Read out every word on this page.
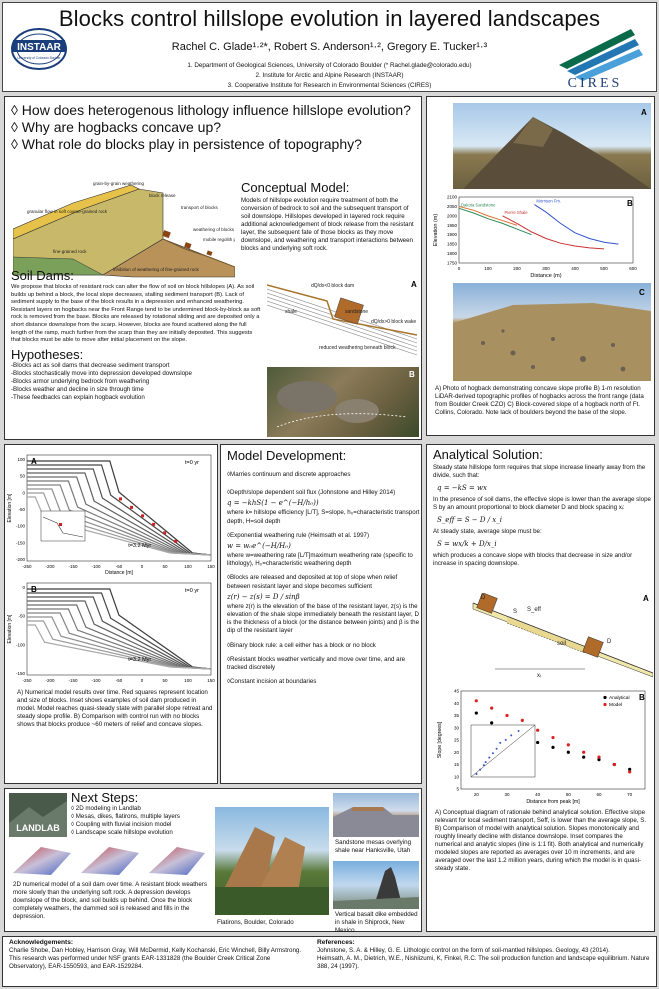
Blocks control hillslope evolution in layered landscapes
Rachel C. Glade¹·²*, Robert S. Anderson¹·², Gregory E. Tucker¹·³
1. Department of Geological Sciences, University of Colorado Boulder (* Rachel.glade@colorado.edu)
2. Institute for Arctic and Alpine Research (INSTAAR)
3. Cooperative Institute for Research in Environmental Sciences (CIRES)
INSTAAR
University of Colorado Boulder
CIRES
◊ How does heterogenous lithology influence hillslope evolution?
◊ Why are hogbacks concave up?
◊ What role do blocks play in persistence of topography?
grain-by-grain weathering block release granular flow in soft coarse-grained rock transport of blocks weathering of blocks mobile regolith fine-grained rock inhibition of weathering of fine-grained rock
Conceptual Model:
Models of hillslope evolution require treatment of both the conversion of bedrock to soil and the subsequent transport of soil downslope. Hillslopes developed in layered rock require additional acknowledgement of block release from the resistant layer, the subsequent fate of those blocks as they move downslope, and weathering and transport interactions between blocks and underlying soft rock.
Soil Dams:
We propose that blocks of resistant rock can alter the flow of soil on block hillslopes (A). As soil builds up behind a block, the local slope decreases, stalling sediment transport (B). Lack of sediment supply to the base of the block results in a depression and enhanced weathering. Resistant layers on hogbacks near the Front Range tend to be undermined block-by-block as soft rock is removed from the base. Blocks are released by rotational sliding and are deposited only a short distance downslope from the scarp. However, blocks are found scattered along the full length of the ramp, much further from the scarp than they are initially deposited. This suggests that blocks must be able to move after initial placement on the slope.
Hypotheses:
-Blocks act as soil dams that decrease sediment transport
-Blocks stochastically move into depression developed downslope
-Blocks armor underlying bedrock from weathering
-Blocks weather and decline in size through time
-These feedbacks can explain hogback evolution
sandstone shale dQ/dx<0 block dam dQ/dx>0 block wake reduced weathering beneath block
A
B
A
0	100	200	300	400	500	600
1750
1800
1850
1900
1950
2000
2050
2100
Distance (m)
Elevation (m)
Dakota Sandstone
Morrison Fm.
Pierre Shale
B
C
A) Photo of hogback demonstrating concave slope profile B) 1-m resolution LiDAR-derived topographic profiles of hogbacks across the front range (data from Boulder Creek CZO) C) Block-covered slope of a hogback north of Ft. Collins, Colorado. Note lack of boulders beyond the base of the slope.
100
50
0
-50
-100
-150
-200
Elevation [m]
A	t=0 yr
t=3.2 Myr
-250	-200	-150	-100	-50	0	50	100	150
Distance [m]
0
-50
-100
-150
Elevation [m]
B	t=0 yr
t=3.2 Myr
-250	-200	-150	-100	-50	0	50	100	150
A) Numerical model results over time. Red squares represent location and size of blocks. Inset shows examples of soil dam produced in model. Model reaches quasi-steady state with parallel slope retreat and steady slope profile. B) Comparison with control run with no blocks shows that blocks produce ~60 meters of relief and concave slopes.
Model Development:
◊Marries continuum and discrete approaches
◊Depth/slope dependent soil flux (Johnstone and Hilley 2014)
q = −khS(1 − e^(−H/h₀))
where k= hillslope efficiency [L/T], S=slope, h₀=characteristic transport depth, H=soil depth
◊Exponential weathering rule (Heimsath et al. 1997)
w = w₀e^(−H/H₀)
where w=weathering rate [L/T]maximum weathering rate (specific to lithology), H₀=characteristic weathering depth
◊Blocks are released and deposited at top of slope when relief between resistant layer and slope becomes sufficient
z(r) − z(s) = D / sinβ
where z(r) is the elevation of the base of the resistant layer, z(s) is the elevation of the shale slope immediately beneath the resistant layer, D is the thickness of a block (or the distance between joints) and β is the dip of the resistant layer
◊Binary block rule: a cell either has a block or no block
◊Resistant blocks weather vertically and move over time, and are tracked discretely
◊Constant incision at boundaries
Analytical Solution:
Steady state hillslope form requires that slope increase linearly away from the divide, such that:
q = −kS = wx
In the presence of soil dams, the effective slope is lower than the average slope S by an amount proportional to block diameter D and block spacing xᵢ:
S_eff = S − D / x_i
At steady state, average slope must be:
S = wx/k + D/x_i
which produces a concave slope with blocks that decrease in size and/or increase in spacing downslope.
D D S S_eff soil xᵢ
A
20	30	40	50	60	70
5
10
15
20
25
30
35
40
45
Distance from peak [m]
Slope [degrees]
Analytical
Model
B
A) Conceptual diagram of rationale behind analytical solution. Effective slope relevant for local sediment transport, Seff, is lower than the average slope, S. B) Comparison of model with analytical solution. Slopes monotonically and roughly linearly decline with distance downslope. Inset compares the numerical and analytic slopes (line is 1:1 fit). Both analytical and numerically modeled slopes are reported as averages over 10 m increments, and are averaged over the last 1.2 million years, during which the model is in quasi-steady state.
LANDLAB
Next Steps:
◊ 2D modeling in Landlab
◊ Mesas, dikes, flatirons, multiple layers
◊ Coupling with fluvial incision model
◊ Landscape scale hillslope evolution
2D numerical model of a soil dam over time. A resistant block weathers more slowly than the underlying soft rock. A depression develops downslope of the block, and soil builds up behind. Once the block completely weathers, the dammed soil is released and fills in the depression.
Flatirons, Boulder, Colorado
Sandstone mesas overlying shale near Hanksville, Utah
Vertical basalt dike embedded in shale in Shiprock, New Mexico
Acknowledgements:
Charlie Shobe, Dan Hobley, Harrison Gray, Will McDermid, Kelly Kochanski, Eric Winchell, Billy Armstrong. This research was performed under NSF grants EAR-1331828 (the Boulder Creek Critical Zone Observatory), EAR-1550593, and EAR-1529284.
References:
Johnstone, S. A. & Hilley, G. E. Lithologic control on the form of soil-mantled hillslopes. Geology, 43 (2014).
Heimsath, A. M., Dietrich, W.E., Nishiizumi, K, Finkel, R.C. The soil production function and landscape equilibrium. Nature 388, 24 (1997).
